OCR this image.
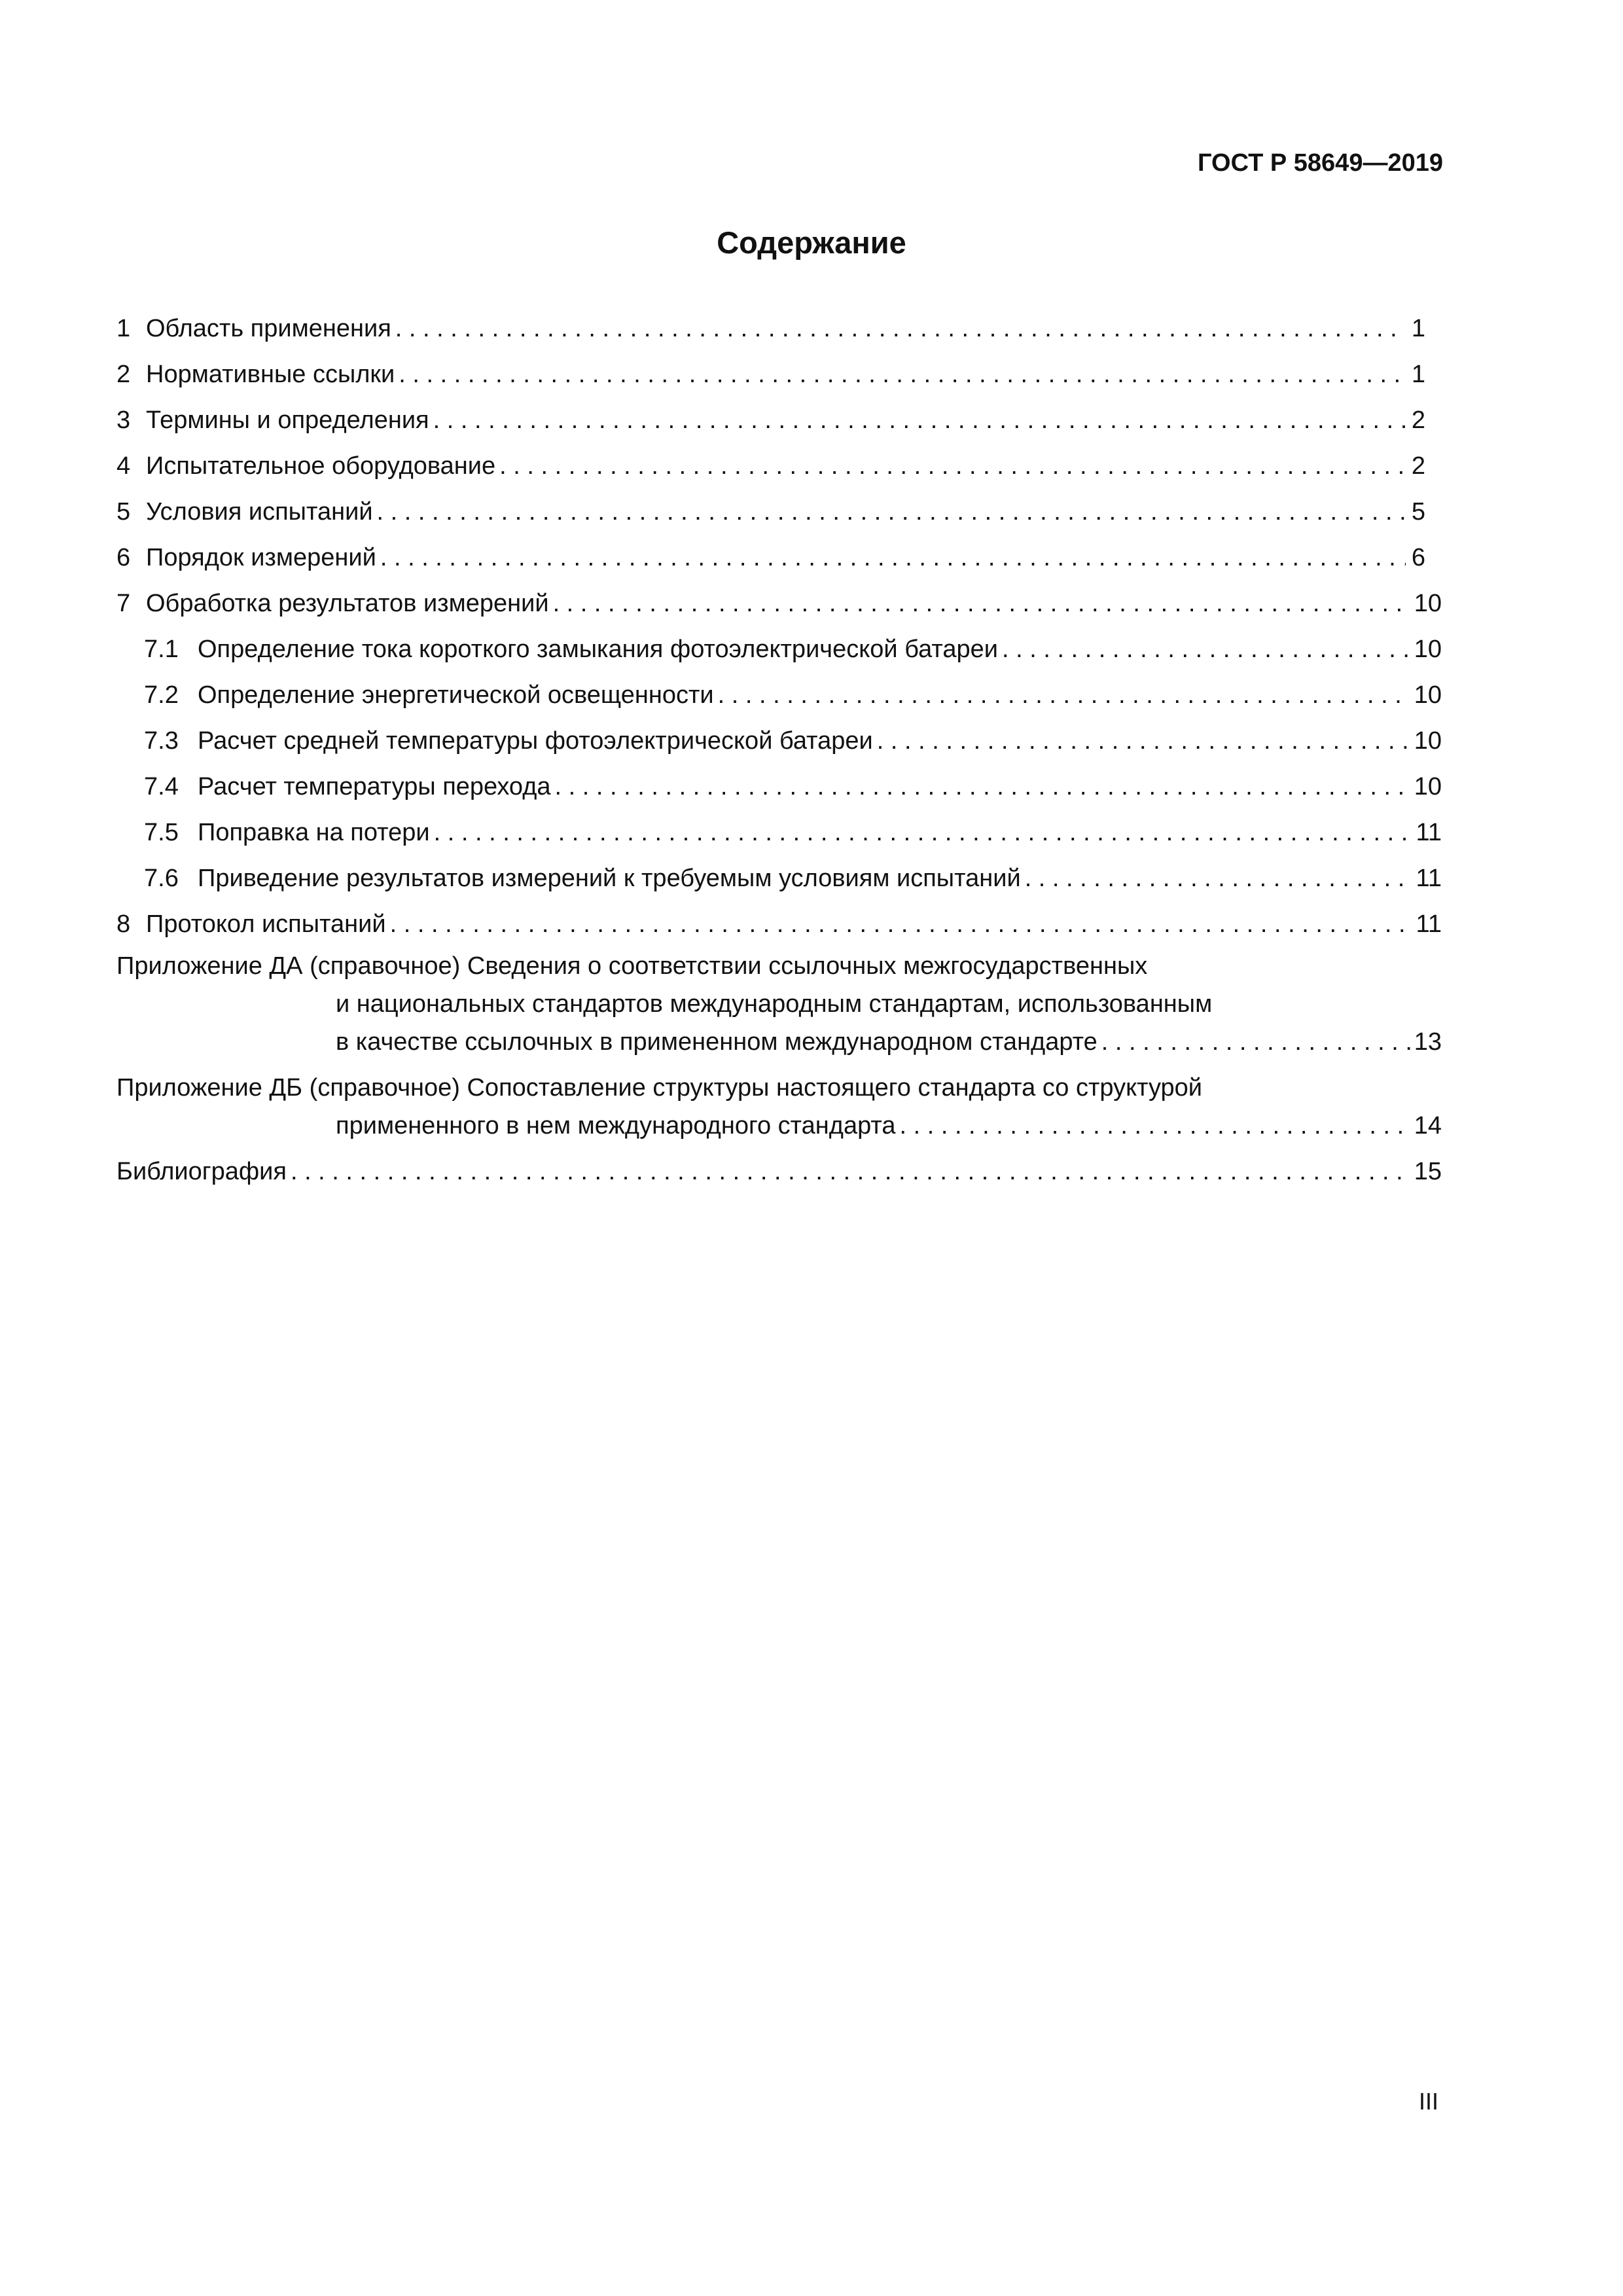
ГОСТ Р 58649—2019
Содержание
1 Область применения . . .	1
2 Нормативные ссылки . . .	1
3 Термины и определения . . .	2
4 Испытательное оборудование . . .	2
5 Условия испытаний . . .	5
6 Порядок измерений . . .	6
7 Обработка результатов измерений . . .	10
7.1 Определение тока короткого замыкания фотоэлектрической батареи . . .	10
7.2 Определение энергетической освещенности . . .	10
7.3 Расчет средней температуры фотоэлектрической батареи . . .	10
7.4 Расчет температуры перехода . . .	10
7.5 Поправка на потери . . .	11
7.6 Приведение результатов измерений к требуемым условиям испытаний . . .	11
8 Протокол испытаний . . .	11
Приложение ДА (справочное) Сведения о соответствии ссылочных межгосударственных
и национальных стандартов международным стандартам, использованным
в качестве ссылочных в примененном международном стандарте . . .	13
Приложение ДБ (справочное) Сопоставление структуры настоящего стандарта со структурой
примененного в нем международного стандарта . . .	14
Библиография . . .	15
III
